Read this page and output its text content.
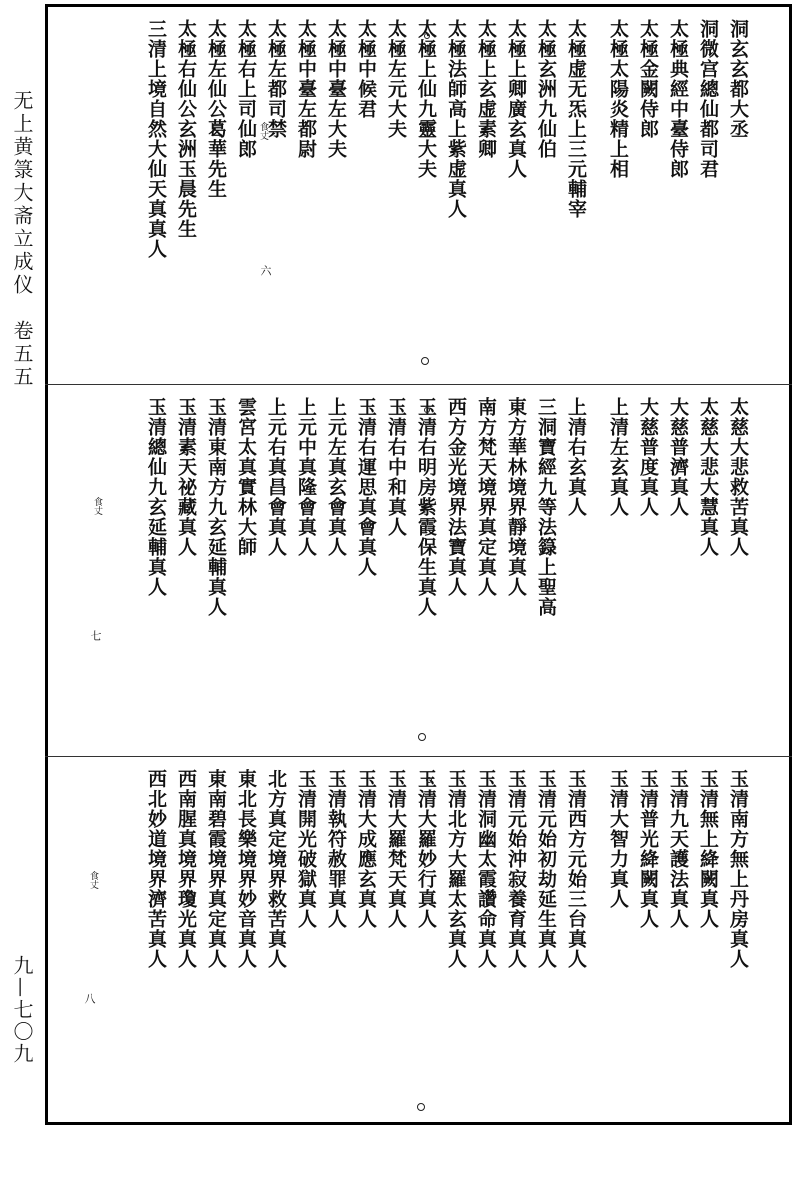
无上黄箓大斋立成仪　卷五五
九—七〇九
洞玄玄都大丞
洞微宫總仙都司君
太極典經中臺侍郎
太極金闕侍郎
太極太陽炎精上相
太極虚无炁上三元輔宰
太極玄洲九仙伯
太極上卿廣玄真人
太極上玄虚素卿
太極法師高上紫虚真人
太極上仙九靈大夫
太極左元大夫
太極中候君
太極中臺左大夫
太極中臺左都尉
太極左都司禁
太極右上司仙郎
太極左仙公葛華先生
太極右仙公玄洲玉晨先生
三清上境自然大仙天真真人	食丈
六
太慈大悲救苦真人
太慈大悲大慧真人
大慈普濟真人
大慈普度真人
上清左玄真人
上清右玄真人
三洞寶經九等法籙上聖高
東方華林境界靜境真人
南方梵天境界真定真人
西方金光境界法寶真人
玉清右明房紫霞保生真人
玉清右中和真人
玉清右運思真會真人
上元左真玄會真人
上元中真隆會真人
上元右真昌會真人
雲宮太真實林大師
玉清東南方九玄延輔真人
玉清素天祕藏真人
玉清總仙九玄延輔真人
食丈
七
玉清南方無上丹房真人
玉清無上絳闕真人
玉清九天護法真人
玉清普光絳闕真人
玉清大智力真人
玉清西方元始三台真人
玉清元始初劫延生真人
玉清元始沖寂養育真人
玉清洞幽太霞讚命真人
玉清北方大羅太玄真人
玉清大羅妙行真人
玉清大羅梵天真人
玉清大成應玄真人
玉清執符赦罪真人
玉清開光破獄真人
北方真定境界救苦真人
東北長樂境界妙音真人
東南碧霞境界真定真人
西南腥真境界瓊光真人
西北妙道境界濟苦真人
食丈
八
